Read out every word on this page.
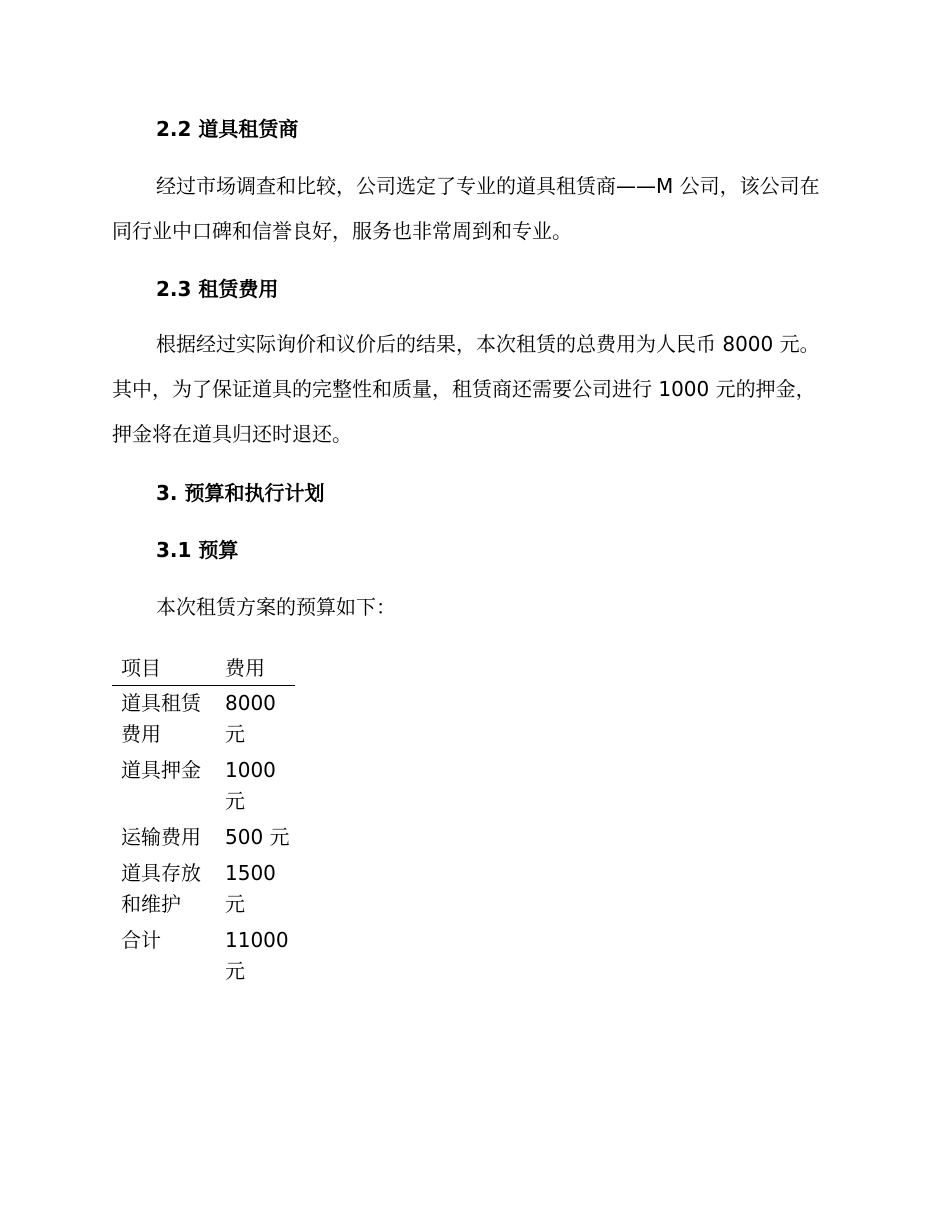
2.2 道具租赁商

经过市场调查和比较，公司选定了专业的道具租赁商——M 公司，该公司在同行业中口碑和信誉良好，服务也非常周到和专业。

2.3 租赁费用

根据经过实际询价和议价后的结果，本次租赁的总费用为人民币 8000 元。其中，为了保证道具的完整性和质量，租赁商还需要公司进行 1000 元的押金，押金将在道具归还时退还。

3. 预算和执行计划
3.1 预算

本次租赁方案的预算如下：

项目	费用
道具租赁费用	8000 元
道具押金	1000 元
运输费用	500 元
道具存放和维护	1500 元
合计	11000 元
